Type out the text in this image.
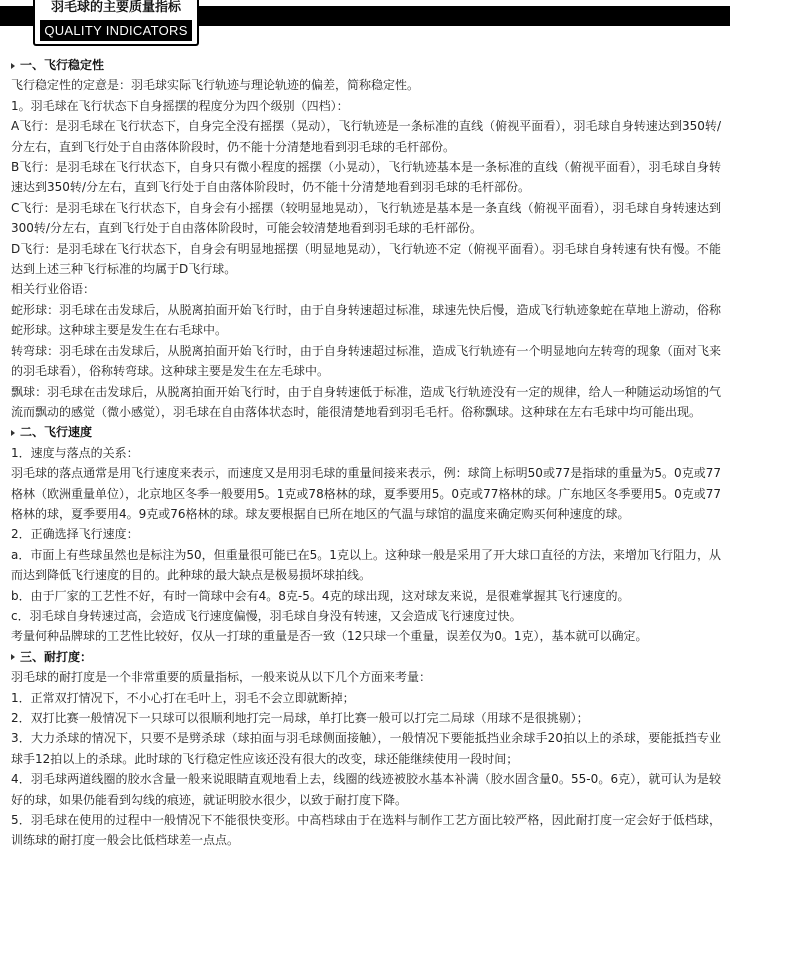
羽毛球的主要质量指标
QUALITY INDICATORS

一、飞行稳定性

飞行稳定性的定意是：羽毛球实际飞行轨迹与理论轨迹的偏差，简称稳定性。

1。羽毛球在飞行状态下自身摇摆的程度分为四个级别（四档）：

A飞行：是羽毛球在飞行状态下，自身完全没有摇摆（晃动），飞行轨迹是一条标准的直线（俯视平面看），羽毛球自身转速达到350转/分左右，直到飞行处于自由落体阶段时，仍不能十分清楚地看到羽毛球的毛杆部份。

B飞行：是羽毛球在飞行状态下，自身只有微小程度的摇摆（小晃动），飞行轨迹基本是一条标准的直线（俯视平面看），羽毛球自身转速达到350转/分左右，直到飞行处于自由落体阶段时，仍不能十分清楚地看到羽毛球的毛杆部份。

C飞行：是羽毛球在飞行状态下，自身会有小摇摆（较明显地晃动），飞行轨迹是基本是一条直线（俯视平面看），羽毛球自身转速达到300转/分左右，直到飞行处于自由落体阶段时，可能会较清楚地看到羽毛球的毛杆部份。

D飞行：是羽毛球在飞行状态下，自身会有明显地摇摆（明显地晃动），飞行轨迹不定（俯视平面看）。羽毛球自身转速有快有慢。不能达到上述三种飞行标准的均属于D飞行球。

相关行业俗语：

蛇形球：羽毛球在击发球后，从脱离拍面开始飞行时，由于自身转速超过标准，球速先快后慢，造成飞行轨迹象蛇在草地上游动，俗称蛇形球。这种球主要是发生在右毛球中。

转弯球：羽毛球在击发球后，从脱离拍面开始飞行时，由于自身转速超过标准，造成飞行轨迹有一个明显地向左转弯的现象（面对飞来的羽毛球看），俗称转弯球。这种球主要是发生在左毛球中。

飘球：羽毛球在击发球后，从脱离拍面开始飞行时，由于自身转速低于标准，造成飞行轨迹没有一定的规律，给人一种随运动场馆的气流而飘动的感觉（微小感觉），羽毛球在自由落体状态时，能很清楚地看到羽毛毛杆。俗称飘球。这种球在左右毛球中均可能出现。

二、飞行速度

1．速度与落点的关系：

羽毛球的落点通常是用飞行速度来表示，而速度又是用羽毛球的重量间接来表示，例：球筒上标明50或77是指球的重量为5。0克或77格林（欧洲重量单位），北京地区冬季一般要用5。1克或78格林的球，夏季要用5。0克或77格林的球。广东地区冬季要用5。0克或77格林的球，夏季要用4。9克或76格林的球。球友要根据自已所在地区的气温与球馆的温度来确定购买何种速度的球。

2．正确选择飞行速度：

a．市面上有些球虽然也是标注为50，但重量很可能已在5。1克以上。这种球一般是采用了开大球口直径的方法，来增加飞行阻力，从而达到降低飞行速度的目的。此种球的最大缺点是极易损坏球拍线。

b．由于厂家的工艺性不好，有时一筒球中会有4。8克-5。4克的球出现，这对球友来说，是很难掌握其飞行速度的。

c．羽毛球自身转速过高，会造成飞行速度偏慢，羽毛球自身没有转速，又会造成飞行速度过快。

考量何种品牌球的工艺性比较好，仅从一打球的重量是否一致（12只球一个重量，误差仅为0。1克），基本就可以确定。

三、耐打度：

羽毛球的耐打度是一个非常重要的质量指标，一般来说从以下几个方面来考量：

1．正常双打情况下，不小心打在毛叶上，羽毛不会立即就断掉；

2．双打比赛一般情况下一只球可以很顺利地打完一局球，单打比赛一般可以打完二局球（用球不是很挑剔）；

3．大力杀球的情况下，只要不是劈杀球（球拍面与羽毛球侧面接触），一般情况下要能抵挡业余球手20拍以上的杀球，要能抵挡专业球手12拍以上的杀球。此时球的飞行稳定性应该还没有很大的改变，球还能继续使用一段时间；

4．羽毛球两道线圈的胶水含量一般来说眼睛直观地看上去，线圈的线迹被胶水基本补满（胶水固含量0。55-0。6克），就可认为是较好的球，如果仍能看到勾线的痕迹，就证明胶水很少，以致于耐打度下降。

5．羽毛球在使用的过程中一般情况下不能很快变形。中高档球由于在选料与制作工艺方面比较严格，因此耐打度一定会好于低档球，训练球的耐打度一般会比低档球差一点点。
